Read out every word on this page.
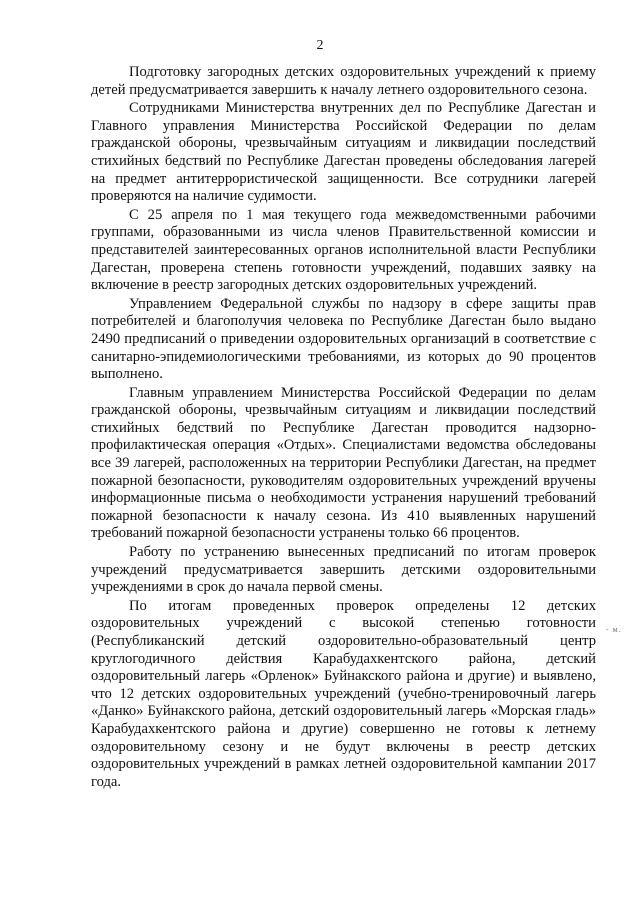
2

Подготовку загородных детских оздоровительных учреждений к приему детей предусматривается завершить к началу летнего оздоровительного сезона.

Сотрудниками Министерства внутренних дел по Республике Дагестан и Главного управления Министерства Российской Федерации по делам гражданской обороны, чрезвычайным ситуациям и ликвидации последствий стихийных бедствий по Республике Дагестан проведены обследования лагерей на предмет антитеррористической защищенности. Все сотрудники лагерей проверяются на наличие судимости.

С 25 апреля по 1 мая текущего года межведомственными рабочими группами, образованными из числа членов Правительственной комиссии и представителей заинтересованных органов исполнительной власти Республики Дагестан, проверена степень готовности учреждений, подавших заявку на включение в реестр загородных детских оздоровительных учреждений.

Управлением Федеральной службы по надзору в сфере защиты прав потребителей и благополучия человека по Республике Дагестан было выдано 2490 предписаний о приведении оздоровительных организаций в соответствие с санитарно-эпидемиологическими требованиями, из которых до 90 процентов выполнено.

Главным управлением Министерства Российской Федерации по делам гражданской обороны, чрезвычайным ситуациям и ликвидации последствий стихийных бедствий по Республике Дагестан проводится надзорно-профилактическая операция «Отдых». Специалистами ведомства обследованы все 39 лагерей, расположенных на территории Республики Дагестан, на предмет пожарной безопасности, руководителям оздоровительных учреждений вручены информационные письма о необходимости устранения нарушений требований пожарной безопасности к началу сезона. Из 410 выявленных нарушений требований пожарной безопасности устранены только 66 процентов.

Работу по устранению вынесенных предписаний по итогам проверок учреждений предусматривается завершить детскими оздоровительными учреждениями в срок до начала первой смены.

По итогам проведенных проверок определены 12 детских оздоровительных учреждений с высокой степенью готовности (Республиканский детский оздоровительно-образовательный центр круглогодичного действия Карабудахкентского района, детский оздоровительный лагерь «Орленок» Буйнакского района и другие) и выявлено, что 12 детских оздоровительных учреждений (учебно-тренировочный лагерь «Данко» Буйнакского района, детский оздоровительный лагерь «Морская гладь» Карабудахкентского района и другие) совершенно не готовы к летнему оздоровительному сезону и не будут включены в реестр детских оздоровительных учреждений в рамках летней оздоровительной кампании 2017 года.

- м.
